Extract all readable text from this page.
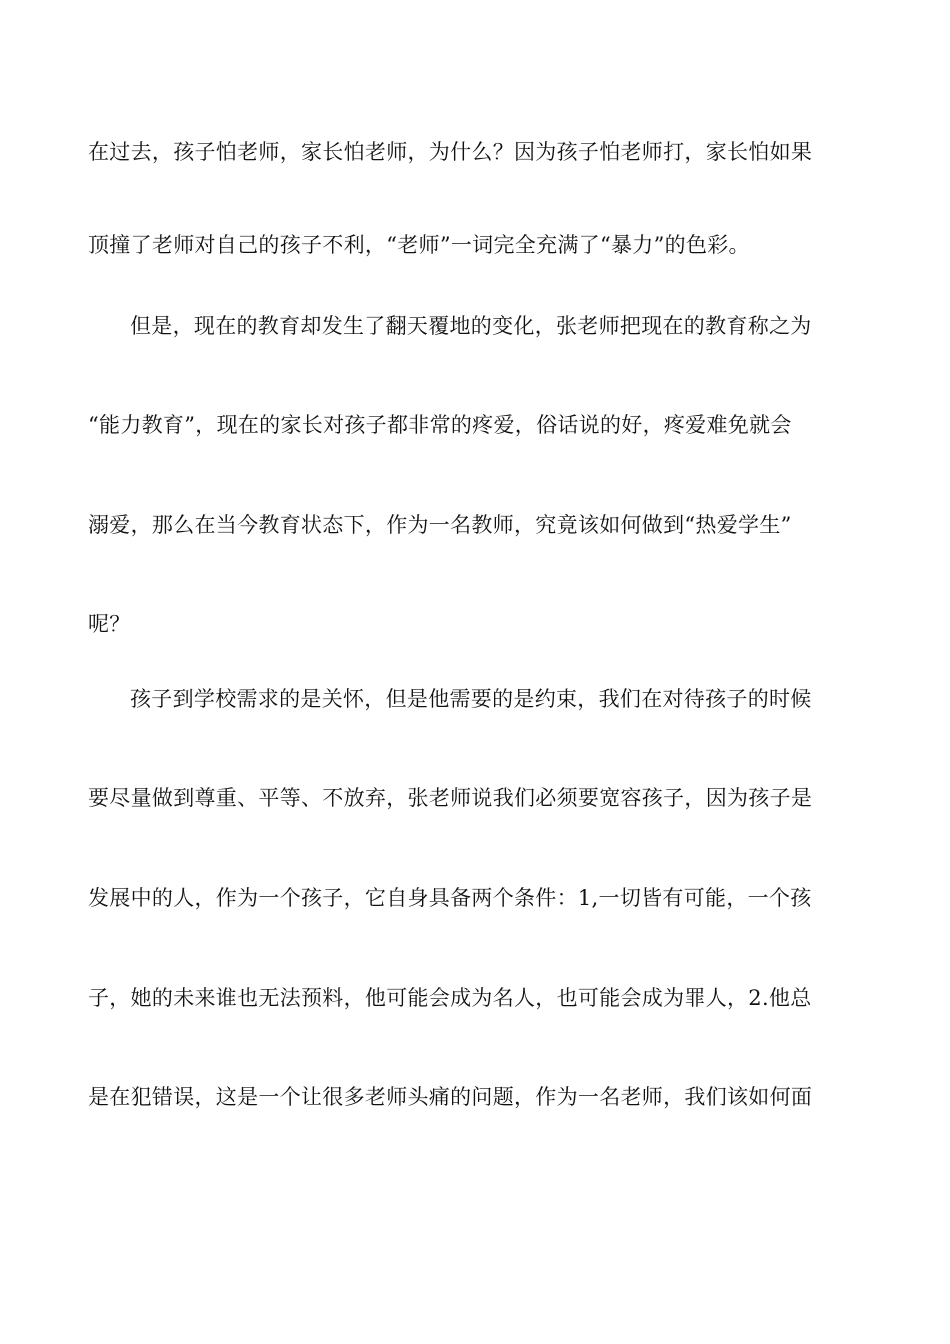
在过去，孩子怕老师，家长怕老师，为什么？因为孩子怕老师打，家长怕如果
顶撞了老师对自己的孩子不利，“老师”一词完全充满了“暴力”的色彩。
但是，现在的教育却发生了翻天覆地的变化，张老师把现在的教育称之为
“能力教育”，现在的家长对孩子都非常的疼爱，俗话说的好，疼爱难免就会
溺爱，那么在当今教育状态下，作为一名教师，究竟该如何做到“热爱学生”
呢？
孩子到学校需求的是关怀，但是他需要的是约束，我们在对待孩子的时候
要尽量做到尊重、平等、不放弃，张老师说我们必须要宽容孩子，因为孩子是
发展中的人，作为一个孩子，它自身具备两个条件：1,一切皆有可能，一个孩
子，她的未来谁也无法预料，他可能会成为名人，也可能会成为罪人，2.他总
是在犯错误，这是一个让很多老师头痛的问题，作为一名老师，我们该如何面
